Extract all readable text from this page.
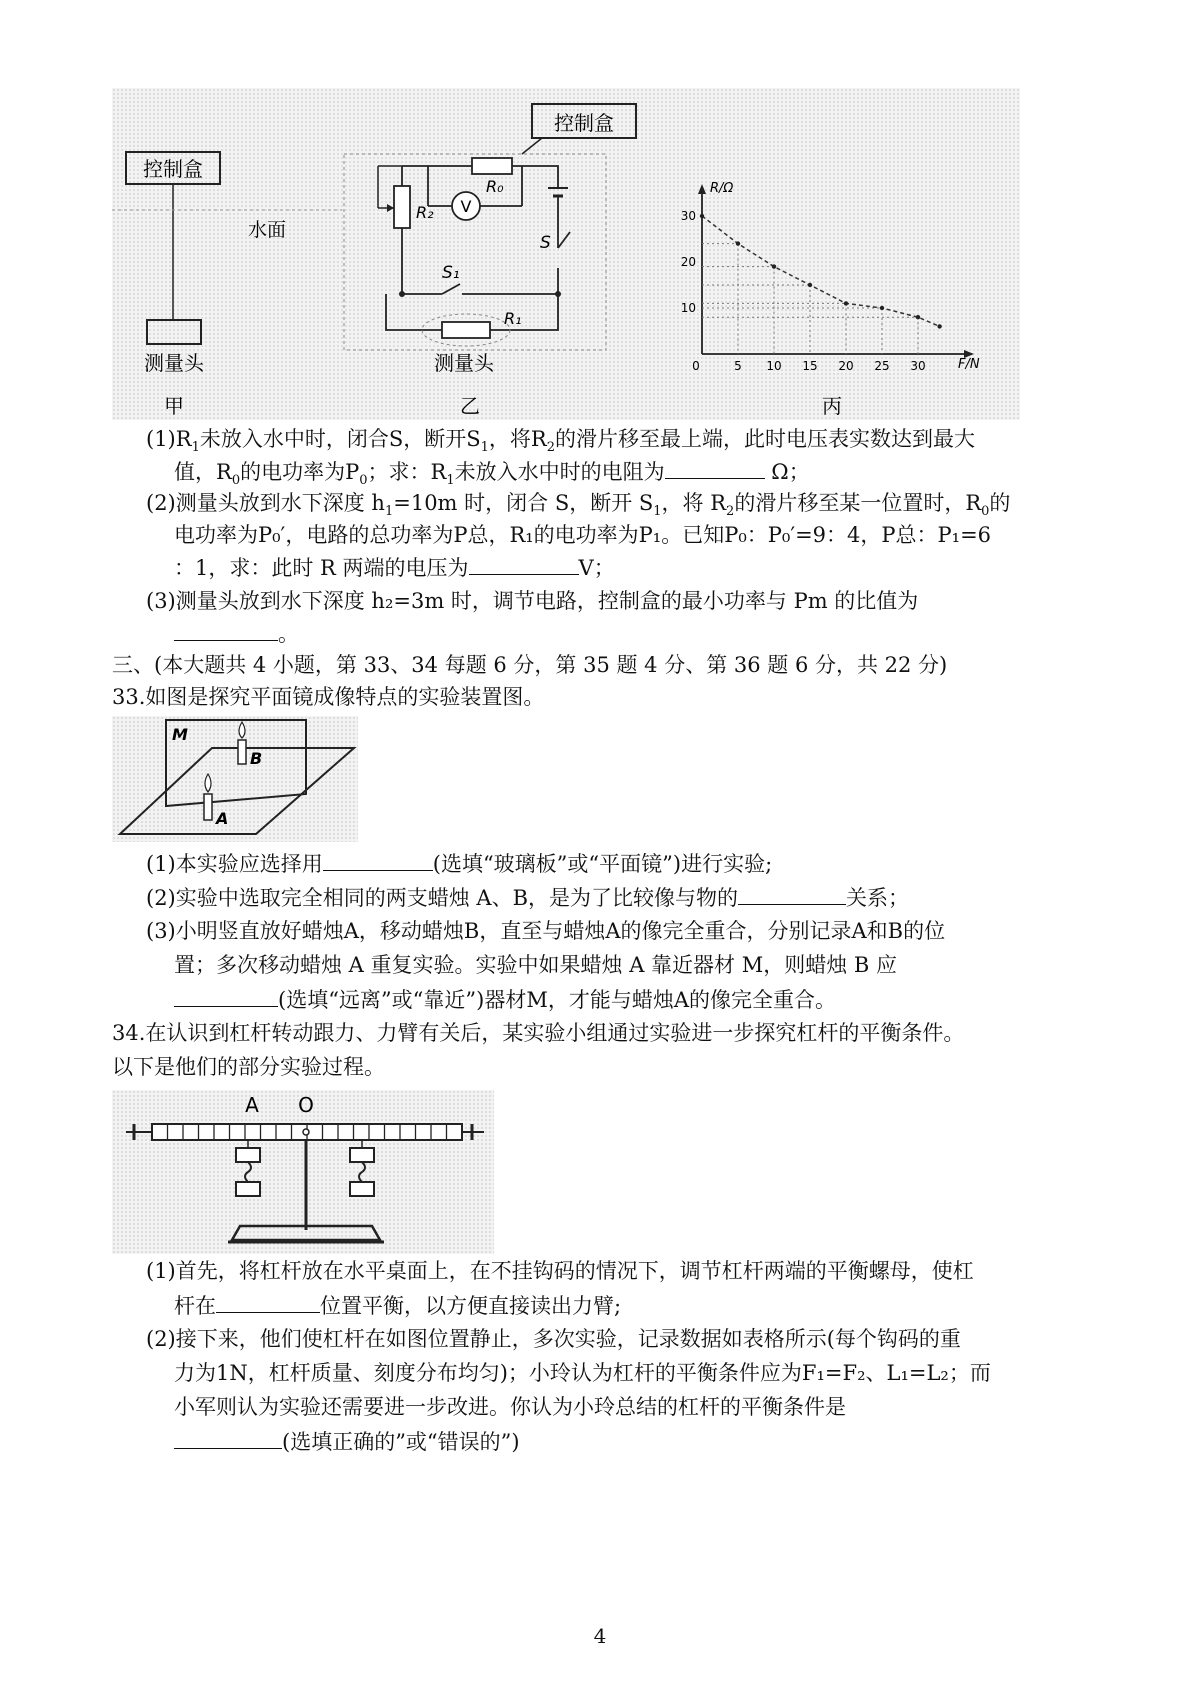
控制盒
水面
测量头
甲
控制盒
R₀
R₂ V
S
S₁
R₁
测量头
乙
R/Ω
F/N
30
20
10
0	5 10 15 20 25 30
丙
$(1)R_1$未放入水中时，闭合S，断开$S_1$，将$R_2$的滑片移至最上端，此时电压表实数达到最大
值，$R_0$的电功率为$P_0$；求：$R_1$未放入水中时的电阻为	Ω；
(2)测量头放到水下深度 $h_1=10m$ 时，闭合 S，断开 $S_1$，将 $R_2$的滑片移至某一位置时，$R_0$的
电功率为P₀′，电路的总功率为P总，R₁的电功率为P₁。已知P₀：P₀′=9：4，P总：P₁=6
：1，求：此时 R 两端的电压为	V；
(3)测量头放到水下深度 h₂=3m 时，调节电路，控制盒的最小功率与 Pm 的比值为
。
三、(本大题共 4 小题，第 33、34 每题 6 分，第 35 题 4 分、第 36 题 6 分，共 22 分)
33.如图是探究平面镜成像特点的实验装置图。
M
B
A
(1)本实验应选择用	(选填“玻璃板”或“平面镜”)进行实验;
(2)实验中选取完全相同的两支蜡烛 A、B，是为了比较像与物的	关系；
(3)小明竖直放好蜡烛A，移动蜡烛B，直至与蜡烛A的像完全重合，分别记录A和B的位
置；多次移动蜡烛 A 重复实验。实验中如果蜡烛 A 靠近器材 M，则蜡烛 B 应
(选填“远离”或“靠近”)器材M，才能与蜡烛A的像完全重合。
34.在认识到杠杆转动跟力、力臂有关后，某实验小组通过实验进一步探究杠杆的平衡条件。
以下是他们的部分实验过程。
A O
(1)首先，将杠杆放在水平桌面上，在不挂钩码的情况下，调节杠杆两端的平衡螺母，使杠
杆在	位置平衡，以方便直接读出力臂;
(2)接下来，他们使杠杆在如图位置静止，多次实验，记录数据如表格所示(每个钩码的重
力为1N，杠杆质量、刻度分布均匀)；小玲认为杠杆的平衡条件应为F₁=F₂、L₁=L₂；而
小军则认为实验还需要进一步改进。你认为小玲总结的杠杆的平衡条件是
(选填正确的”或“错误的”)
4
